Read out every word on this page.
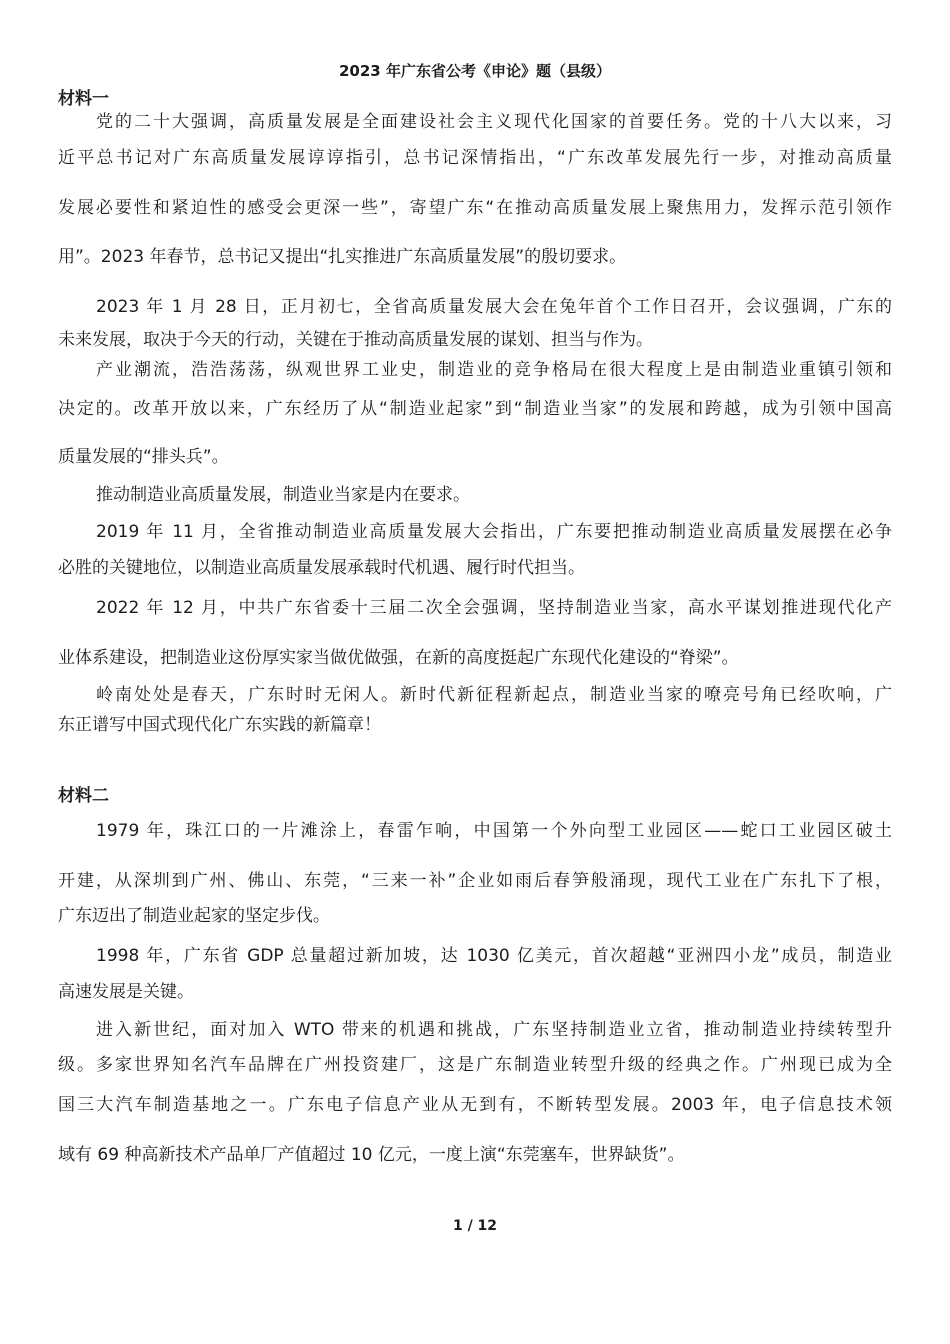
2023 年广东省公考《申论》题（县级）
材料一
党的二十大强调，高质量发展是全面建设社会主义现代化国家的首要任务。党的十八大以来，习
近平总书记对广东高质量发展谆谆指引，总书记深情指出，“广东改革发展先行一步，对推动高质量
发展必要性和紧迫性的感受会更深一些”，寄望广东“在推动高质量发展上聚焦用力，发挥示范引领作
用”。2023 年春节，总书记又提出“扎实推进广东高质量发展”的殷切要求。
2023 年 1 月 28 日，正月初七，全省高质量发展大会在兔年首个工作日召开，会议强调，广东的
未来发展，取决于今天的行动，关键在于推动高质量发展的谋划、担当与作为。
产业潮流，浩浩荡荡，纵观世界工业史，制造业的竞争格局在很大程度上是由制造业重镇引领和
决定的。改革开放以来，广东经历了从“制造业起家”到“制造业当家”的发展和跨越，成为引领中国高
质量发展的“排头兵”。
推动制造业高质量发展，制造业当家是内在要求。
2019 年 11 月，全省推动制造业高质量发展大会指出，广东要把推动制造业高质量发展摆在必争
必胜的关键地位，以制造业高质量发展承载时代机遇、履行时代担当。
2022 年 12 月，中共广东省委十三届二次全会强调，坚持制造业当家，高水平谋划推进现代化产
业体系建设，把制造业这份厚实家当做优做强，在新的高度挺起广东现代化建设的“脊梁”。
岭南处处是春天，广东时时无闲人。新时代新征程新起点，制造业当家的嘹亮号角已经吹响，广
东正谱写中国式现代化广东实践的新篇章！
材料二
1979 年，珠江口的一片滩涂上，春雷乍响，中国第一个外向型工业园区——蛇口工业园区破土
开建，从深圳到广州、佛山、东莞，“三来一补”企业如雨后春笋般涌现，现代工业在广东扎下了根，
广东迈出了制造业起家的坚定步伐。
1998 年，广东省 GDP 总量超过新加坡，达 1030 亿美元，首次超越“亚洲四小龙”成员，制造业
高速发展是关键。
进入新世纪，面对加入 WTO 带来的机遇和挑战，广东坚持制造业立省，推动制造业持续转型升
级。多家世界知名汽车品牌在广州投资建厂，这是广东制造业转型升级的经典之作。广州现已成为全
国三大汽车制造基地之一。广东电子信息产业从无到有，不断转型发展。2003 年，电子信息技术领
域有 69 种高新技术产品单厂产值超过 10 亿元，一度上演“东莞塞车，世界缺货”。
1 / 12
